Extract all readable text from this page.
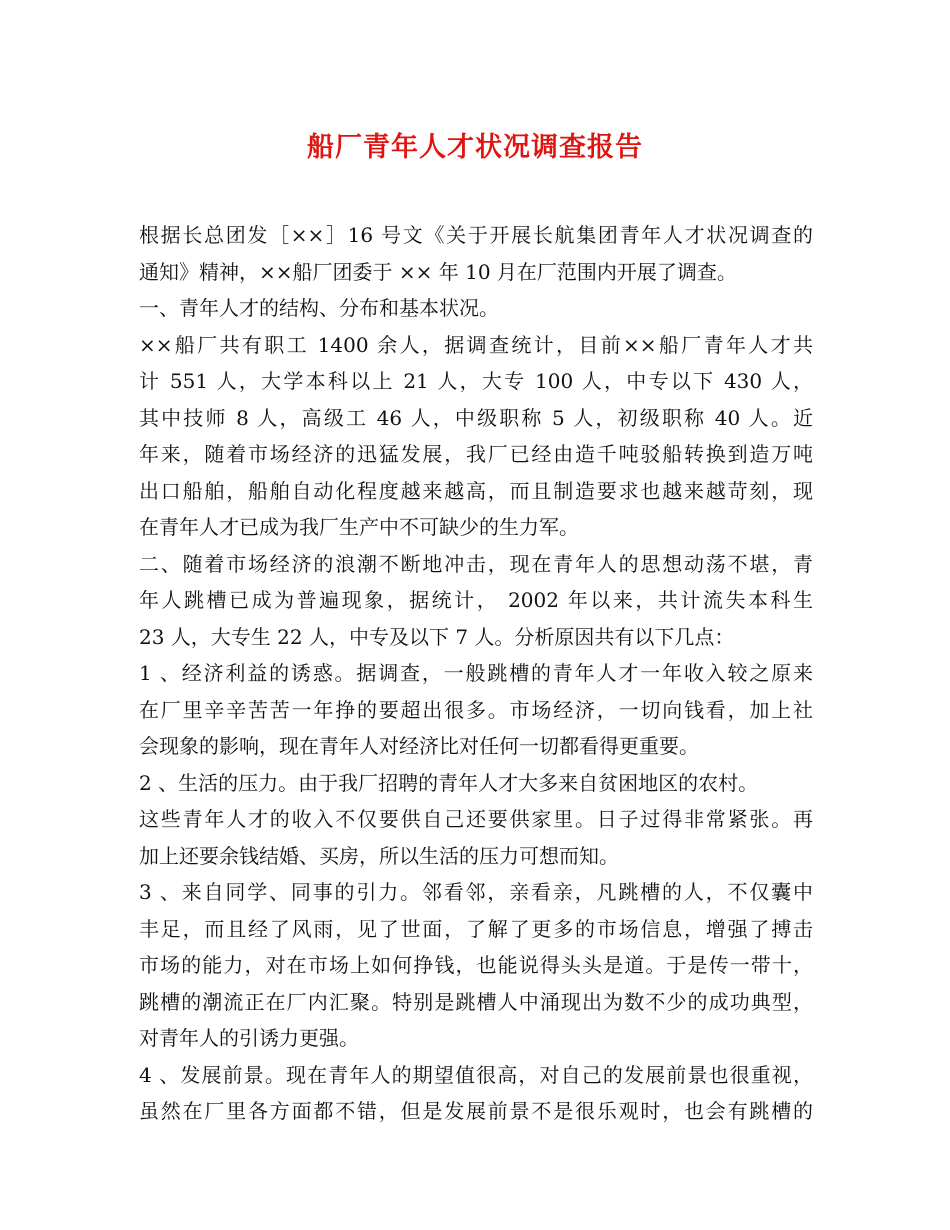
船厂青年人才状况调查报告
根据长总团发［××］16 号文《关于开展长航集团青年人才状况调查的
通知》精神，××船厂团委于 ×× 年 10 月在厂范围内开展了调查。
一、青年人才的结构、分布和基本状况。
××船厂共有职工 1400 余人，据调查统计，目前××船厂青年人才共
计 551 人，大学本科以上 21 人，大专 100 人，中专以下 430 人，
其中技师 8 人，高级工 46 人，中级职称 5 人，初级职称 40 人。近
年来，随着市场经济的迅猛发展，我厂已经由造千吨驳船转换到造万吨
出口船舶，船舶自动化程度越来越高，而且制造要求也越来越苛刻，现
在青年人才已成为我厂生产中不可缺少的生力军。
二、随着市场经济的浪潮不断地冲击，现在青年人的思想动荡不堪，青
年人跳槽已成为普遍现象，据统计， 2002 年以来，共计流失本科生
23 人，大专生 22 人，中专及以下 7 人。分析原因共有以下几点：
1 、经济利益的诱惑。据调查，一般跳槽的青年人才一年收入较之原来
在厂里辛辛苦苦一年挣的要超出很多。市场经济，一切向钱看，加上社
会现象的影响，现在青年人对经济比对任何一切都看得更重要。
2 、生活的压力。由于我厂招聘的青年人才大多来自贫困地区的农村。
这些青年人才的收入不仅要供自己还要供家里。日子过得非常紧张。再
加上还要余钱结婚、买房，所以生活的压力可想而知。
3 、来自同学、同事的引力。邻看邻，亲看亲，凡跳槽的人，不仅囊中
丰足，而且经了风雨，见了世面，了解了更多的市场信息，增强了搏击
市场的能力，对在市场上如何挣钱，也能说得头头是道。于是传一带十，
跳槽的潮流正在厂内汇聚。特别是跳槽人中涌现出为数不少的成功典型，
对青年人的引诱力更强。
4 、发展前景。现在青年人的期望值很高，对自己的发展前景也很重视，
虽然在厂里各方面都不错，但是发展前景不是很乐观时，也会有跳槽的
